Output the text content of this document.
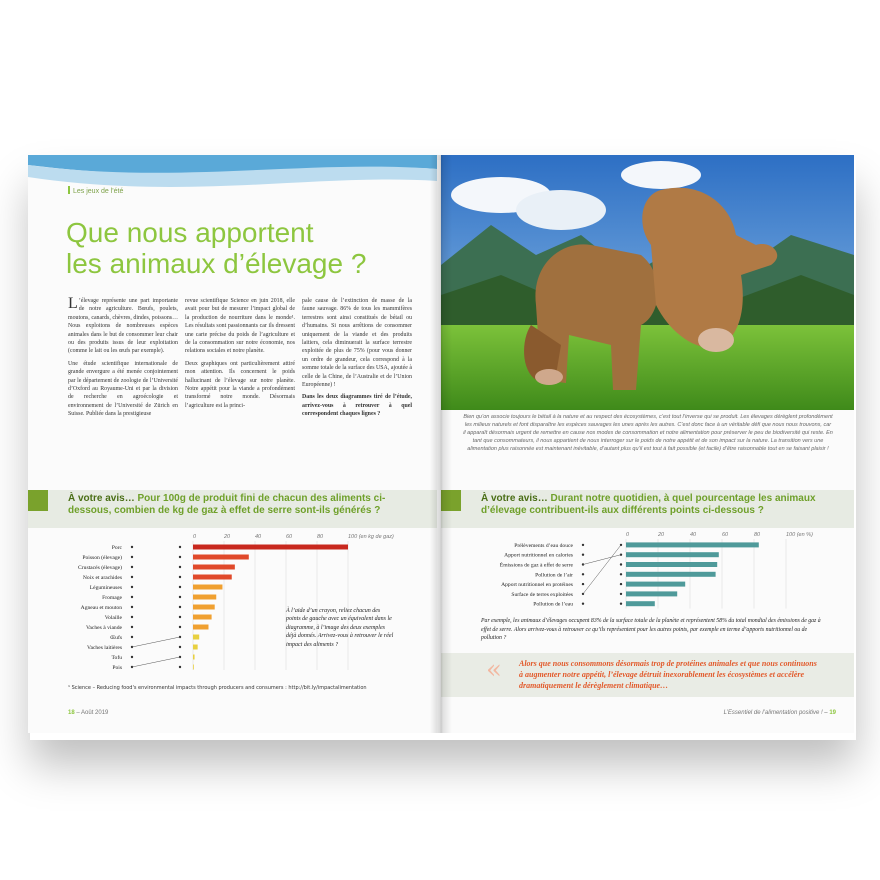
Les jeux de l'été
Que nous apportent
les animaux d’élevage ?

L ’élevage représente une part importante de notre agriculture. Bœufs, poulets, moutons, canards, chèvres, dindes, poissons… Nous exploitons de nombreuses espèces animales dans le but de consommer leur chair ou des produits issus de leur exploitation (comme le lait ou les œufs par exemple).

Une étude scientifique internationale de grande envergure a été menée conjointement par le département de zoologie de l’Université d’Oxford au Royaume-Uni et par la division de recherche en agroécologie et environnement de l’Université de Zürich en Suisse. Publiée dans la prestigieuse

revue scientifique Science en juin 2018, elle avait pour but de mesurer l’impact global de la production de nourriture dans le monde¹. Les résultats sont passionnants car ils dressent une carte précise du poids de l’agriculture et de la consommation sur notre économie, nos relations sociales et notre planète.

Deux graphiques ont particulièrement attiré mon attention. Ils concernent le poids hallucinant de l’élevage sur notre planète. Notre appétit pour la viande a profondément transformé notre monde. Désormais l’agriculture est la princi-

pale cause de l’extinction de masse de la faune sauvage. 86% de tous les mammifères terrestres sont ainsi constitués de bétail ou d’humains. Si nous arrêtions de consommer uniquement de la viande et des produits laitiers, cela diminuerait la surface terrestre exploitée de plus de 75% (pour vous donner un ordre de grandeur, cela correspond à la somme totale de la surface des USA, ajoutée à celle de la Chine, de l’Australie et de l’Union Européenne) !

Dans les deux diagrammes tiré de l’étude, arrivez-vous à retrouver à quel correspondent chaques lignes ?

À votre avis… Pour 100g de produit fini de chacun des aliments ci-dessous, combien de kg de gaz à effet de serre sont-ils générés ?
0	20	40	60	80	100 (en kg de gaz)
Porc
Poisson (élevage)
Crustacés (élevage)
Noix et arachides
Légumineuses
Fromage
Agneau et mouton
Volaille
Vaches à viande
Œufs
Vaches laitières
Tofu
Pois
À l’aide d’un crayon, reliez chacun des points de gauche avec un équivalent dans le diagramme, à l’image des deux exemples déjà donnés. Arrivez-vous à retrouver le réel impact des aliments ?
¹ Science – Reducing food's environmental impacts through producers and consumers : http://bit.ly/impactalimentation
18 – Août 2019
Bien qu’on associe toujours le bétail à la nature et au respect des écosystèmes, c’est tout l’inverse qui se produit. Les élevages dérèglent profondément les milieux naturels et font disparaître les espèces sauvages les unes après les autres. C’est donc face à un véritable défi que nous nous trouvons, car il apparaît désormais urgent de remettre en cause nos modes de consommation et notre alimentation pour préserver le peu de biodiversité qui reste. En tant que consommateurs, il nous appartient de nous interroger sur le poids de notre appétit et de son impact sur la nature. La transition vers une alimentation plus raisonnée est maintenant inévitable, d’autant plus qu’il est tout à fait possible (et facile) d’être raisonnable tout en se faisant plaisir !
À votre avis… Durant notre quotidien, à quel pourcentage les animaux d’élevage contribuent-ils aux différents points ci-dessous ?
0	20	40	60	80	100 (en %)
Prélèvements d’eau douce
Apport nutritionnel en calories
Émissions de gaz à effet de serre
Pollution de l’air
Apport nutritionnel en protéines
Surface de terres exploitées
Pollution de l’eau
Par exemple, les animaux d’élevages occupent 83% de la surface totale de la planète et représentent 58% du total mondial des émissions de gaz à effet de serre. Alors arrivez-vous à retrouver ce qu’ils représentent pour les autres points, par exemple en terme d’apports nutritionnel ou de pollution ?
« Alors que nous consommons désormais trop de protéines animales et que nous continuons à augmenter notre appétit, l’élevage détruit inexorablement les écosystèmes et accélère dramatiquement le dérèglement climatique…
L’Essentiel de l’alimentation positive ! – 19
